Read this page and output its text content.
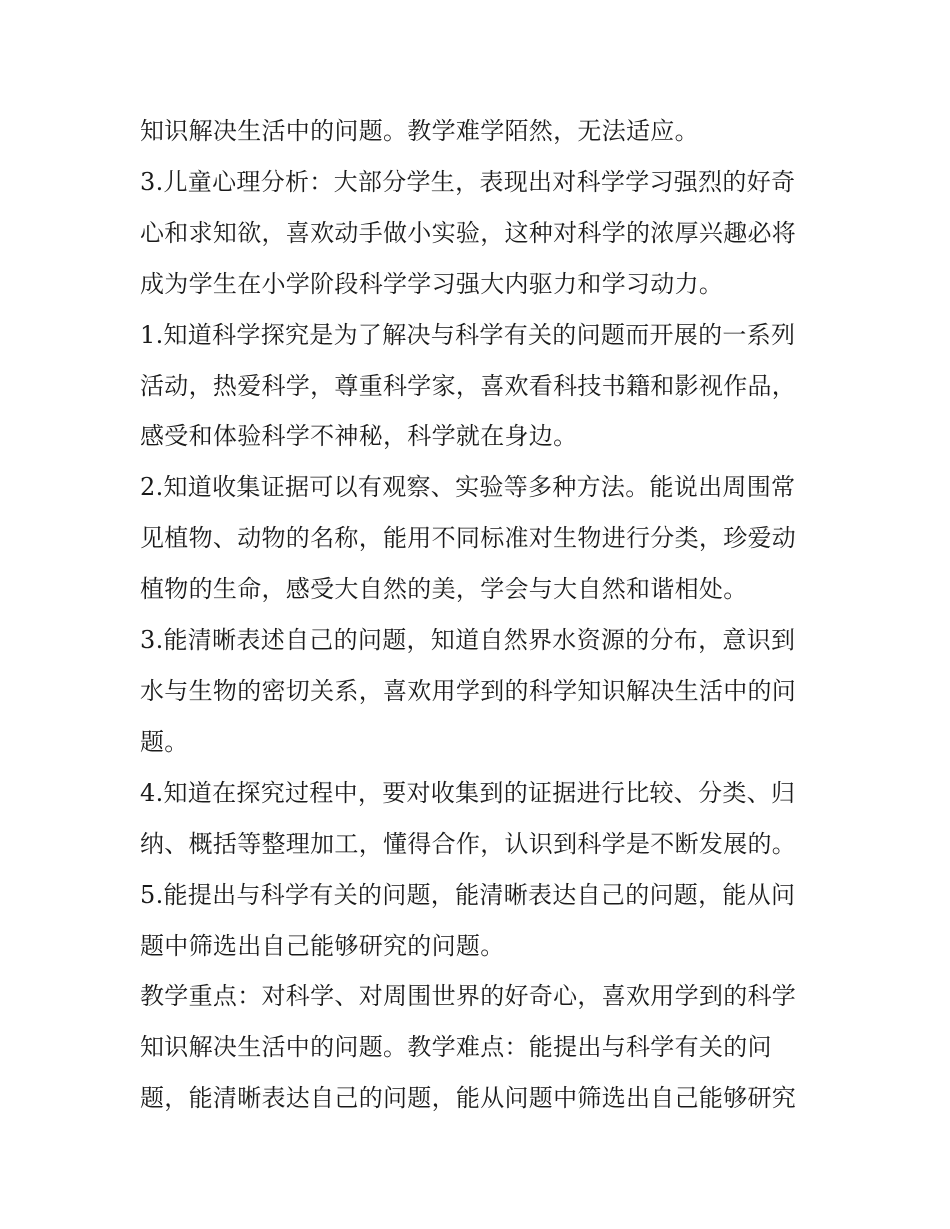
知识解决生活中的问题。教学难学陌然，无法适应。
3.儿童心理分析：大部分学生，表现出对科学学习强烈的好奇
心和求知欲，喜欢动手做小实验，这种对科学的浓厚兴趣必将
成为学生在小学阶段科学学习强大内驱力和学习动力。
1.知道科学探究是为了解决与科学有关的问题而开展的一系列
活动，热爱科学，尊重科学家，喜欢看科技书籍和影视作品，
感受和体验科学不神秘，科学就在身边。
2.知道收集证据可以有观察、实验等多种方法。能说出周围常
见植物、动物的名称，能用不同标准对生物进行分类，珍爱动
植物的生命，感受大自然的美，学会与大自然和谐相处。
3.能清晰表述自己的问题，知道自然界水资源的分布，意识到
水与生物的密切关系，喜欢用学到的科学知识解决生活中的问
题。
4.知道在探究过程中，要对收集到的证据进行比较、分类、归
纳、概括等整理加工，懂得合作，认识到科学是不断发展的。
5.能提出与科学有关的问题，能清晰表达自己的问题，能从问
题中筛选出自己能够研究的问题。
教学重点：对科学、对周围世界的好奇心，喜欢用学到的科学
知识解决生活中的问题。教学难点：能提出与科学有关的问
题，能清晰表达自己的问题，能从问题中筛选出自己能够研究
